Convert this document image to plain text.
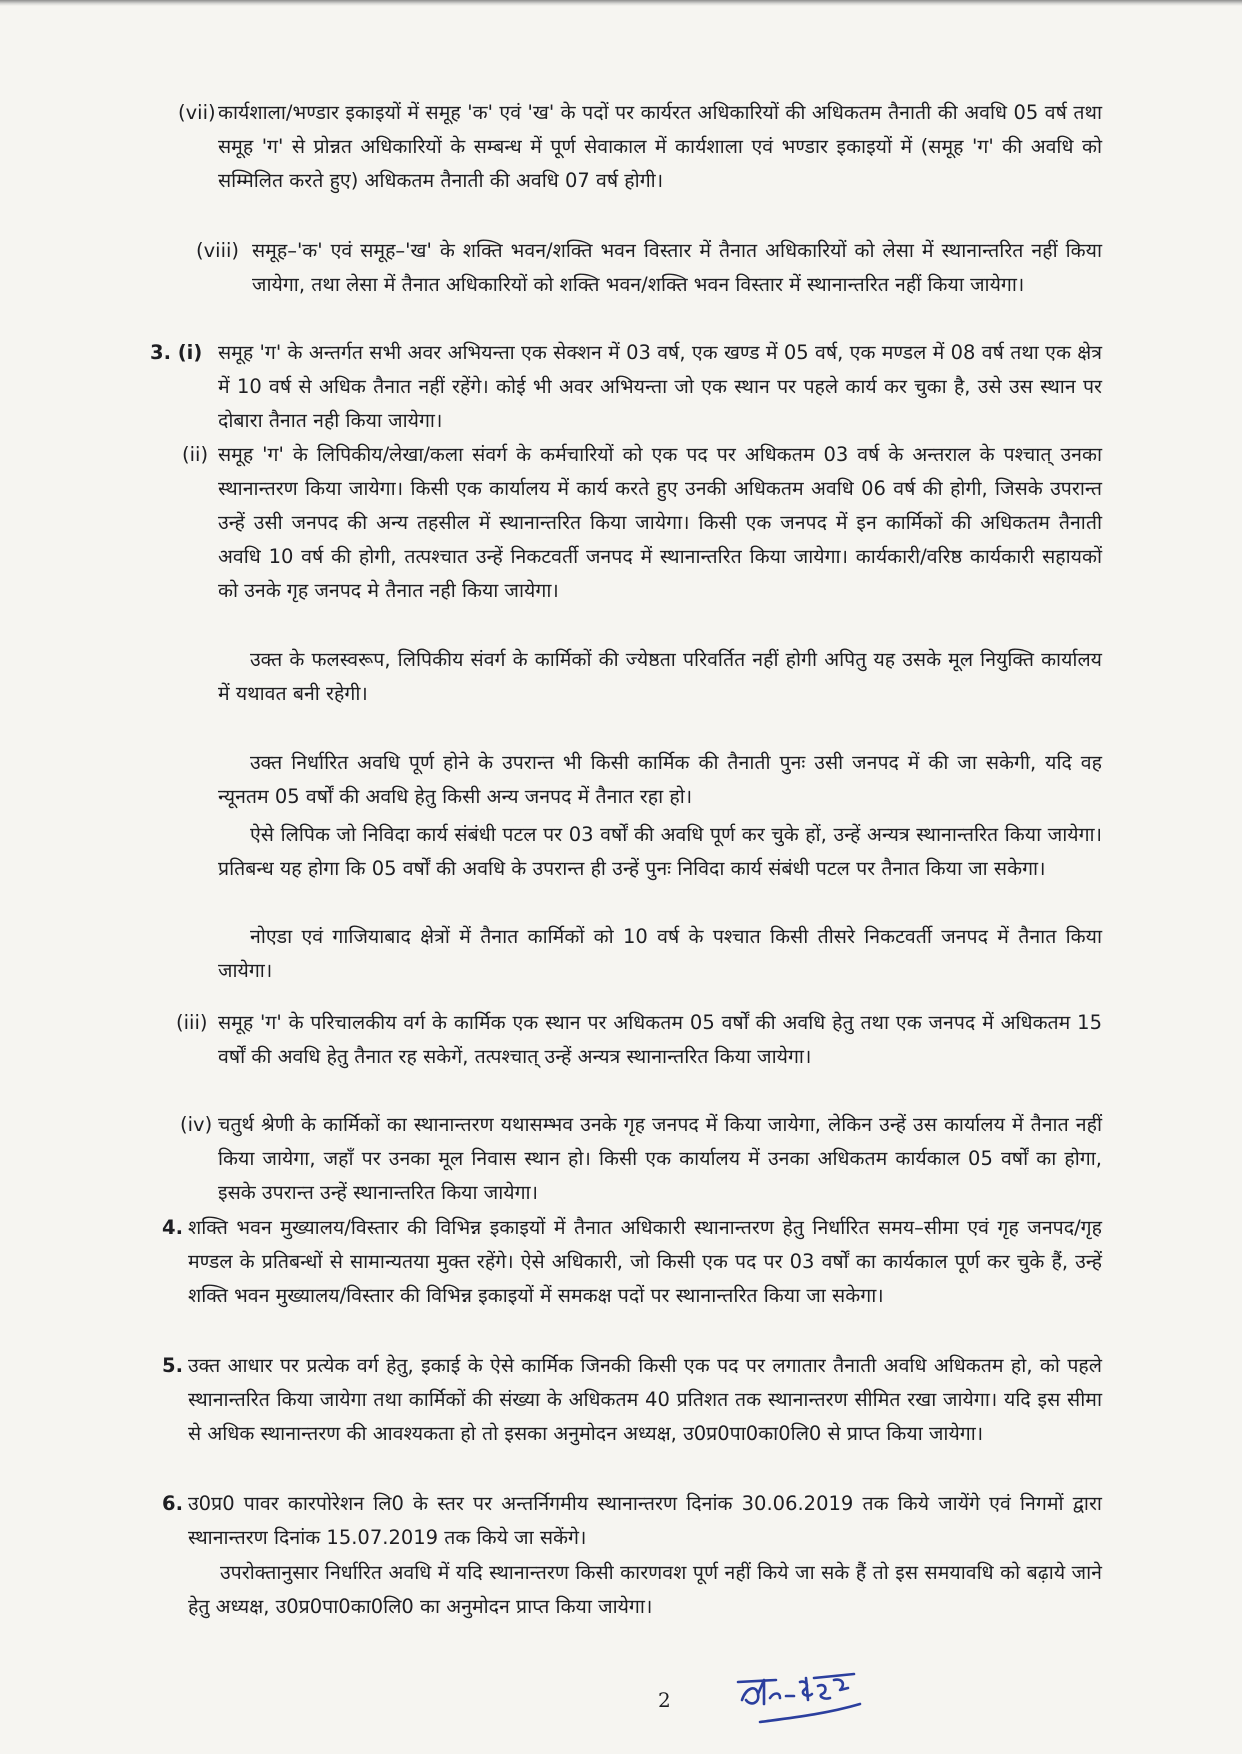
(vii) कार्यशाला/भण्डार इकाइयों में समूह 'क' एवं 'ख' के पदों पर कार्यरत अधिकारियों की अधिकतम तैनाती की अवधि 05 वर्ष तथा समूह 'ग' से प्रोन्नत अधिकारियों के सम्बन्ध में पूर्ण सेवाकाल में कार्यशाला एवं भण्डार इकाइयों में (समूह 'ग' की अवधि को सम्मिलित करते हुए) अधिकतम तैनाती की अवधि 07 वर्ष होगी।
(viii) समूह–'क' एवं समूह–'ख' के शक्ति भवन/शक्ति भवन विस्तार में तैनात अधिकारियों को लेसा में स्थानान्तरित नहीं किया जायेगा, तथा लेसा में तैनात अधिकारियों को शक्ति भवन/शक्ति भवन विस्तार में स्थानान्तरित नहीं किया जायेगा।
3. (i) समूह 'ग' के अन्तर्गत सभी अवर अभियन्ता एक सेक्शन में 03 वर्ष, एक खण्ड में 05 वर्ष, एक मण्डल में 08 वर्ष तथा एक क्षेत्र में 10 वर्ष से अधिक तैनात नहीं रहेंगे। कोई भी अवर अभियन्ता जो एक स्थान पर पहले कार्य कर चुका है, उसे उस स्थान पर दोबारा तैनात नही किया जायेगा।
(ii) समूह 'ग' के लिपिकीय/लेखा/कला संवर्ग के कर्मचारियों को एक पद पर अधिकतम 03 वर्ष के अन्तराल के पश्चात् उनका स्थानान्तरण किया जायेगा। किसी एक कार्यालय में कार्य करते हुए उनकी अधिकतम अवधि 06 वर्ष की होगी, जिसके उपरान्त उन्हें उसी जनपद की अन्य तहसील में स्थानान्तरित किया जायेगा। किसी एक जनपद में इन कार्मिकों की अधिकतम तैनाती अवधि 10 वर्ष की होगी, तत्पश्चात उन्हें निकटवर्ती जनपद में स्थानान्तरित किया जायेगा। कार्यकारी/वरिष्ठ कार्यकारी सहायकों को उनके गृह जनपद मे तैनात नही किया जायेगा।
उक्त के फलस्वरूप, लिपिकीय संवर्ग के कार्मिकों की ज्येष्ठता परिवर्तित नहीं होगी अपितु यह उसके मूल नियुक्ति कार्यालय में यथावत बनी रहेगी।
उक्त निर्धारित अवधि पूर्ण होने के उपरान्त भी किसी कार्मिक की तैनाती पुनः उसी जनपद में की जा सकेगी, यदि वह न्यूनतम 05 वर्षों की अवधि हेतु किसी अन्य जनपद में तैनात रहा हो।
ऐसे लिपिक जो निविदा कार्य संबंधी पटल पर 03 वर्षों की अवधि पूर्ण कर चुके हों, उन्हें अन्यत्र स्थानान्तरित किया जायेगा। प्रतिबन्ध यह होगा कि 05 वर्षों की अवधि के उपरान्त ही उन्हें पुनः निविदा कार्य संबंधी पटल पर तैनात किया जा सकेगा।
नोएडा एवं गाजियाबाद क्षेत्रों में तैनात कार्मिकों को 10 वर्ष के पश्चात किसी तीसरे निकटवर्ती जनपद में तैनात किया जायेगा।
(iii) समूह 'ग' के परिचालकीय वर्ग के कार्मिक एक स्थान पर अधिकतम 05 वर्षों की अवधि हेतु तथा एक जनपद में अधिकतम 15 वर्षों की अवधि हेतु तैनात रह सकेगें, तत्पश्चात् उन्हें अन्यत्र स्थानान्तरित किया जायेगा।
(iv) चतुर्थ श्रेणी के कार्मिकों का स्थानान्तरण यथासम्भव उनके गृह जनपद में किया जायेगा, लेकिन उन्हें उस कार्यालय में तैनात नहीं किया जायेगा, जहाँ पर उनका मूल निवास स्थान हो। किसी एक कार्यालय में उनका अधिकतम कार्यकाल 05 वर्षों का होगा, इसके उपरान्त उन्हें स्थानान्तरित किया जायेगा।
4. शक्ति भवन मुख्यालय/विस्तार की विभिन्न इकाइयों में तैनात अधिकारी स्थानान्तरण हेतु निर्धारित समय–सीमा एवं गृह जनपद/गृह मण्डल के प्रतिबन्धों से सामान्यतया मुक्त रहेंगे। ऐसे अधिकारी, जो किसी एक पद पर 03 वर्षों का कार्यकाल पूर्ण कर चुके हैं, उन्हें शक्ति भवन मुख्यालय/विस्तार की विभिन्न इकाइयों में समकक्ष पदों पर स्थानान्तरित किया जा सकेगा।
5. उक्त आधार पर प्रत्येक वर्ग हेतु, इकाई के ऐसे कार्मिक जिनकी किसी एक पद पर लगातार तैनाती अवधि अधिकतम हो, को पहले स्थानान्तरित किया जायेगा तथा कार्मिकों की संख्या के अधिकतम 40 प्रतिशत तक स्थानान्तरण सीमित रखा जायेगा। यदि इस सीमा से अधिक स्थानान्तरण की आवश्यकता हो तो इसका अनुमोदन अध्यक्ष, उ0प्र0पा0का0लि0 से प्राप्त किया जायेगा।
6. उ0प्र0 पावर कारपोरेशन लि0 के स्तर पर अन्तर्निगमीय स्थानान्तरण दिनांक 30.06.2019 तक किये जायेंगे एवं निगमों द्वारा स्थानान्तरण दिनांक 15.07.2019 तक किये जा सकेंगे।
उपरोक्तानुसार निर्धारित अवधि में यदि स्थानान्तरण किसी कारणवश पूर्ण नहीं किये जा सके हैं तो इस समयावधि को बढ़ाये जाने हेतु अध्यक्ष, उ0प्र0पा0का0लि0 का अनुमोदन प्राप्त किया जायेगा।
2
